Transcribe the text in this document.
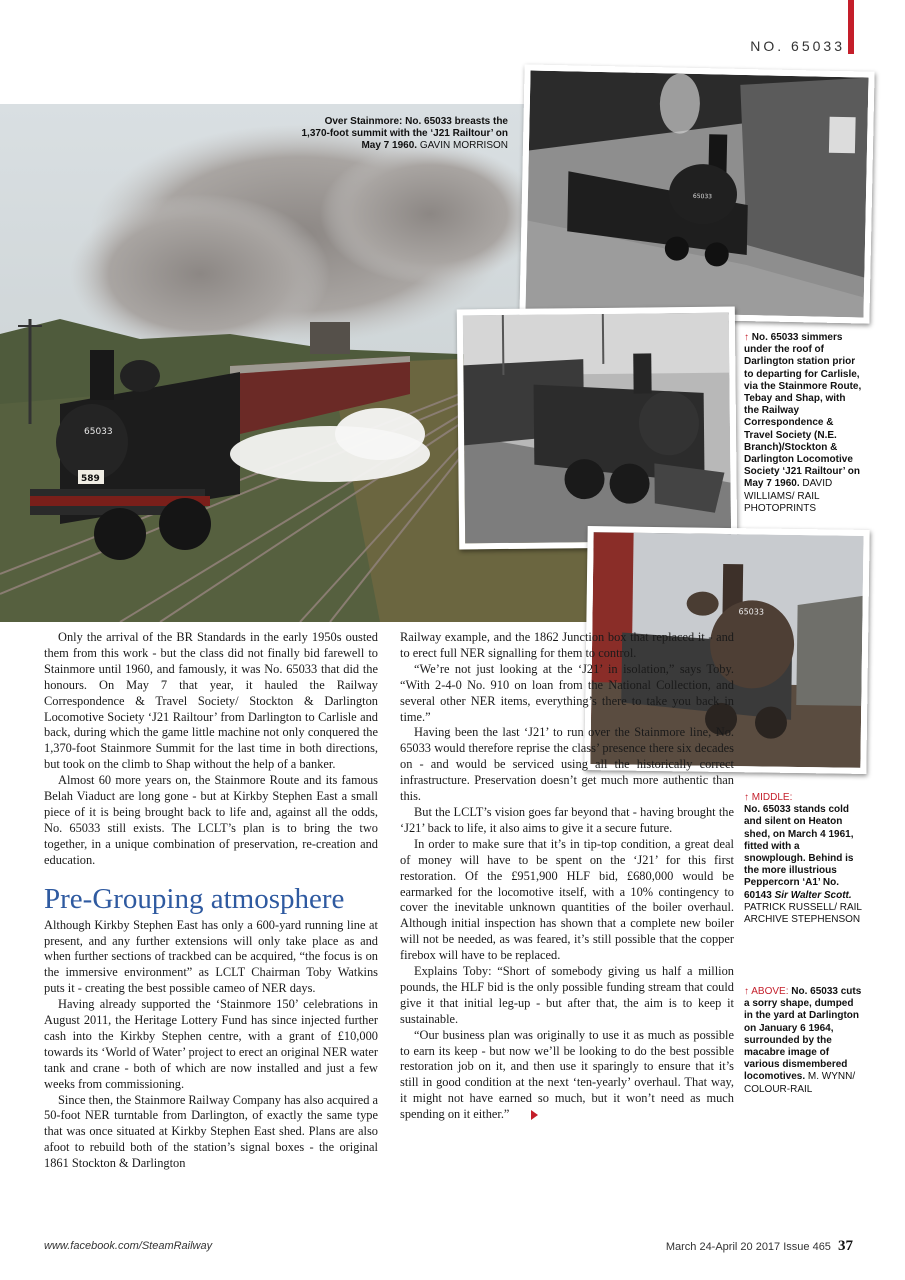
NO. 65033
65033
589
Over Stainmore: No. 65033 breasts the 1,370-foot summit with the ‘J21 Railtour’ on May 7 1960. GAVIN MORRISON
65033
65033
↑ No. 65033 simmers under the roof of Darlington station prior to departing for Carlisle, via the Stainmore Route, Tebay and Shap, with the Railway Correspondence & Travel Society (N.E. Branch)/Stockton & Darlington Locomotive Society ‘J21 Railtour’ on May 7 1960. DAVID WILLIAMS/ RAIL PHOTOPRINTS
↑ MIDDLE:
No. 65033 stands cold and silent on Heaton shed, on March 4 1961, fitted with a snowplough. Behind is the more illustrious Peppercorn ‘A1’ No. 60143 Sir Walter Scott. PATRICK RUSSELL/ RAIL ARCHIVE STEPHENSON
↑ ABOVE: No. 65033 cuts a sorry shape, dumped in the yard at Darlington on January 6 1964, surrounded by the macabre image of various dismembered locomotives. M. WYNN/ COLOUR-RAIL

Only the arrival of the BR Standards in the early 1950s ousted them from this work - but the class did not finally bid farewell to Stainmore until 1960, and famously, it was No. 65033 that did the honours. On May 7 that year, it hauled the Railway Correspondence & Travel Society/ Stockton & Darlington Locomotive Society ‘J21 Railtour’ from Darlington to Carlisle and back, during which the game little machine not only conquered the 1,370-foot Stainmore Summit for the last time in both directions, but took on the climb to Shap without the help of a banker.

Almost 60 more years on, the Stainmore Route and its famous Belah Viaduct are long gone - but at Kirkby Stephen East a small piece of it is being brought back to life and, against all the odds, No. 65033 still exists. The LCLT’s plan is to bring the two together, in a unique combination of preservation, re-creation and education.

Pre-Grouping atmosphere

Although Kirkby Stephen East has only a 600-yard running line at present, and any further extensions will only take place as and when further sections of trackbed can be acquired, “the focus is on the immersive environment” as LCLT Chairman Toby Watkins puts it - creating the best possible cameo of NER days.

Having already supported the ‘Stainmore 150’ celebrations in August 2011, the Heritage Lottery Fund has since injected further cash into the Kirkby Stephen centre, with a grant of £10,000 towards its ‘World of Water’ project to erect an original NER water tank and crane - both of which are now installed and just a few weeks from commissioning.

Since then, the Stainmore Railway Company has also acquired a 50-foot NER turntable from Darlington, of exactly the same type that was once situated at Kirkby Stephen East shed. Plans are also afoot to rebuild both of the station’s signal boxes - the original 1861 Stockton & Darlington

Railway example, and the 1862 Junction box that replaced it - and to erect full NER signalling for them to control.

“We’re not just looking at the ‘J21’ in isolation,” says Toby. “With 2-4-0 No. 910 on loan from the National Collection, and several other NER items, everything’s there to take you back in time.”

Having been the last ‘J21’ to run over the Stainmore line, No. 65033 would therefore reprise the class’ presence there six decades on - and would be serviced using all the historically correct infrastructure. Preservation doesn’t get much more authentic than this.

But the LCLT’s vision goes far beyond that - having brought the ‘J21’ back to life, it also aims to give it a secure future.

In order to make sure that it’s in tip-top condition, a great deal of money will have to be spent on the ‘J21’ for this first restoration. Of the £951,900 HLF bid, £680,000 would be earmarked for the locomotive itself, with a 10% contingency to cover the inevitable unknown quantities of the boiler overhaul. Although initial inspection has shown that a complete new boiler will not be needed, as was feared, it’s still possible that the copper firebox will have to be replaced.

Explains Toby: “Short of somebody giving us half a million pounds, the HLF bid is the only possible funding stream that could give it that initial leg-up - but after that, the aim is to keep it sustainable.

“Our business plan was originally to use it as much as possible to earn its keep - but now we’ll be looking to do the best possible restoration job on it, and then use it sparingly to ensure that it’s still in good condition at the next ‘ten-yearly’ overhaul. That way, it might not have earned so much, but it won’t need as much spending on it either.”

www.facebook.com/SteamRailway	March 24-April 20 2017 Issue 465 37
